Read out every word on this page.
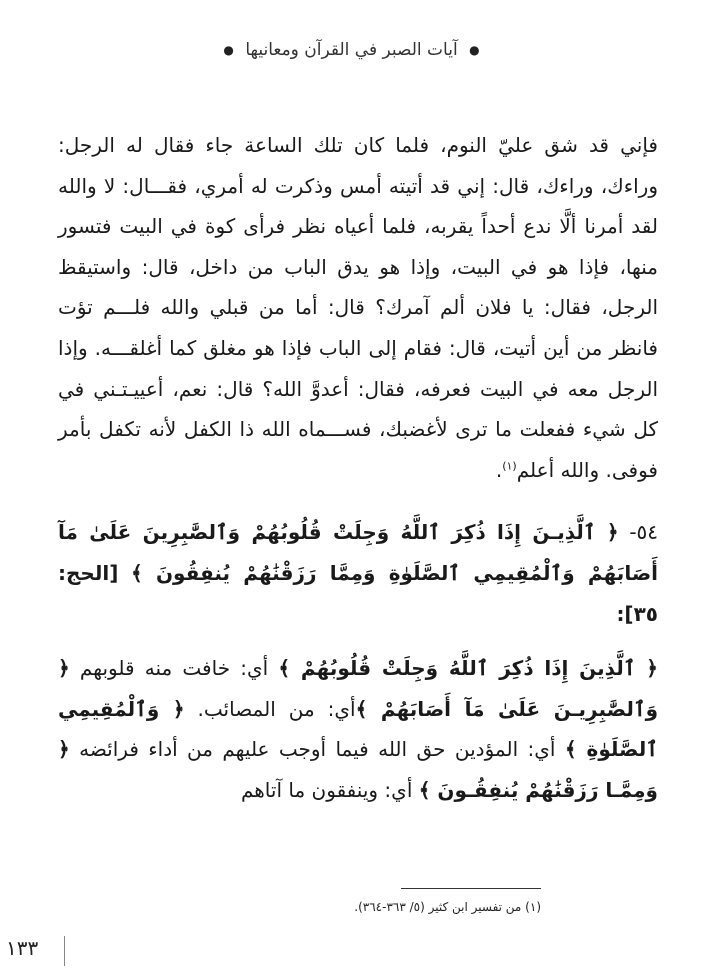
● آيات الصبر في القرآن ومعانيها ●

فإني قد شق عليّ النوم، فلما كان تلك الساعة جاء فقال له الرجل: وراءك، وراءك، قال: إني قد أتيته أمس وذكرت له أمري، فقـــال: لا والله لقد أمرنا ألَّا ندع أحداً يقربه، فلما أعياه نظر فرأى كوة في البيت فتسور منها، فإذا هو في البيت، وإذا هو يدق الباب من داخل، قال: واستيقظ الرجل، فقال: يا فلان ألم آمرك؟ قال: أما من قبلي والله فلـــم تؤت فانظر من أين أتيت، قال: فقام إلى الباب فإذا هو مغلق كما أغلقـــه. وإذا الرجل معه في البيت فعرفه، فقال: أعدوَّ الله؟ قال: نعم، أعييـتـني في كل شيء ففعلت ما ترى لأغضبك، فســـماه الله ذا الكفل لأنه تكفل بأمر فوفى. والله أعلم$^{(١)}$.

٥٤- ﴿ ٱلَّذِيـنَ إِذَا ذُكِرَ ٱللَّهُ وَجِلَتْ قُلُوبُهُمْ وَٱلصَّٰبِرِينَ عَلَىٰ مَآ أَصَابَهُمْ وَٱلْمُقِيمِي ٱلصَّلَوٰةِ وَمِمَّا رَزَقْنَٰهُمْ يُنفِقُونَ ﴾ [الحج: ٣٥]:

﴿ ٱلَّذِينَ إِذَا ذُكِرَ ٱللَّهُ وَجِلَتْ قُلُوبُهُمْ ﴾ أي: خافت منه قلوبهم ﴿ وَٱلصَّٰبِرِيـنَ عَلَىٰ مَآ أَصَابَهُمْ ﴾أي: من المصائب. ﴿ وَٱلْمُقِيمِي ٱلصَّلَوٰةِ ﴾ أي: المؤدين حق الله فيما أوجب عليهم من أداء فرائضه ﴿ وَمِمَّـا رَزَقْنَٰهُمْ يُنفِقُـونَ ﴾ أي: وينفقون ما آتاهم

(١) من تفسير ابن كثير (٥/ ٣٦٣-٣٦٤).
١٣٣
